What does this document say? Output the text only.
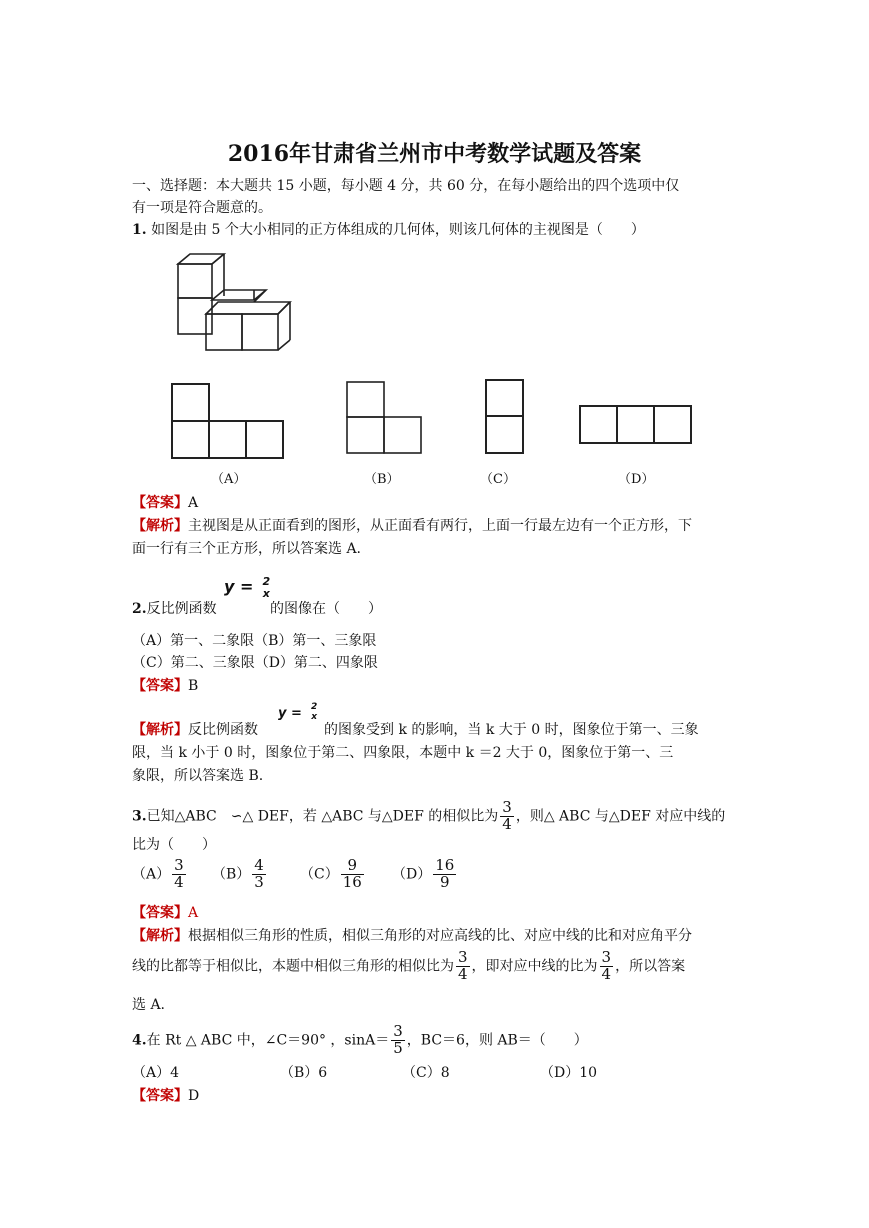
2016年甘肃省兰州市中考数学试题及答案
一、选择题：本大题共 15 小题，每小题 4 分，共 60 分，在每小题给出的四个选项中仅
有一项是符合题意的。
1. 如图是由 5 个大小相同的正方体组成的几何体，则该几何体的主视图是（　　）
（A）	（B）	（C）	（D）
【答案】A
【解析】主视图是从正面看到的图形，从正面看有两行，上面一行最左边有一个正方形，下
面一行有三个正方形，所以答案选 A.
2.反比例函数
y = 2
x
的图像在（　　）
（A）第一、二象限（B）第一、三象限
（C）第二、三象限（D）第二、四象限
【答案】B
【解析】反比例函数
y = 2
x
的图象受到 k 的影响，当 k 大于 0 时，图象位于第一、三象
限，当 k 小于 0 时，图象位于第二、四象限，本题中 k ＝2 大于 0，图象位于第一、三
象限，所以答案选 B.
3.已知△ABC　∽△ DEF，若 △ABC 与△DEF 的相似比为 $\frac{3}{4}$ ，则△ ABC 与△DEF 对应中线的
比为（　　）
$(A) \frac{3}{4} (B) \frac{4}{3} (C) \frac{9}{16} (D) \frac{16}{9}$
【答案】A
【解析】根据相似三角形的性质，相似三角形的对应高线的比、对应中线的比和对应角平分
线的比都等于相似比，本题中相似三角形的相似比为 $\frac{3}{4}$ ，即对应中线的比为 $\frac{3}{4}$ ，所以答案
选 A.
4.在 Rt △ ABC 中，∠C＝90° ，$\sin A= \frac{3}{5}$ ，BC＝6，则 AB＝（　　）
（A）4	（B）6	（C）8	（D）10
【答案】D
